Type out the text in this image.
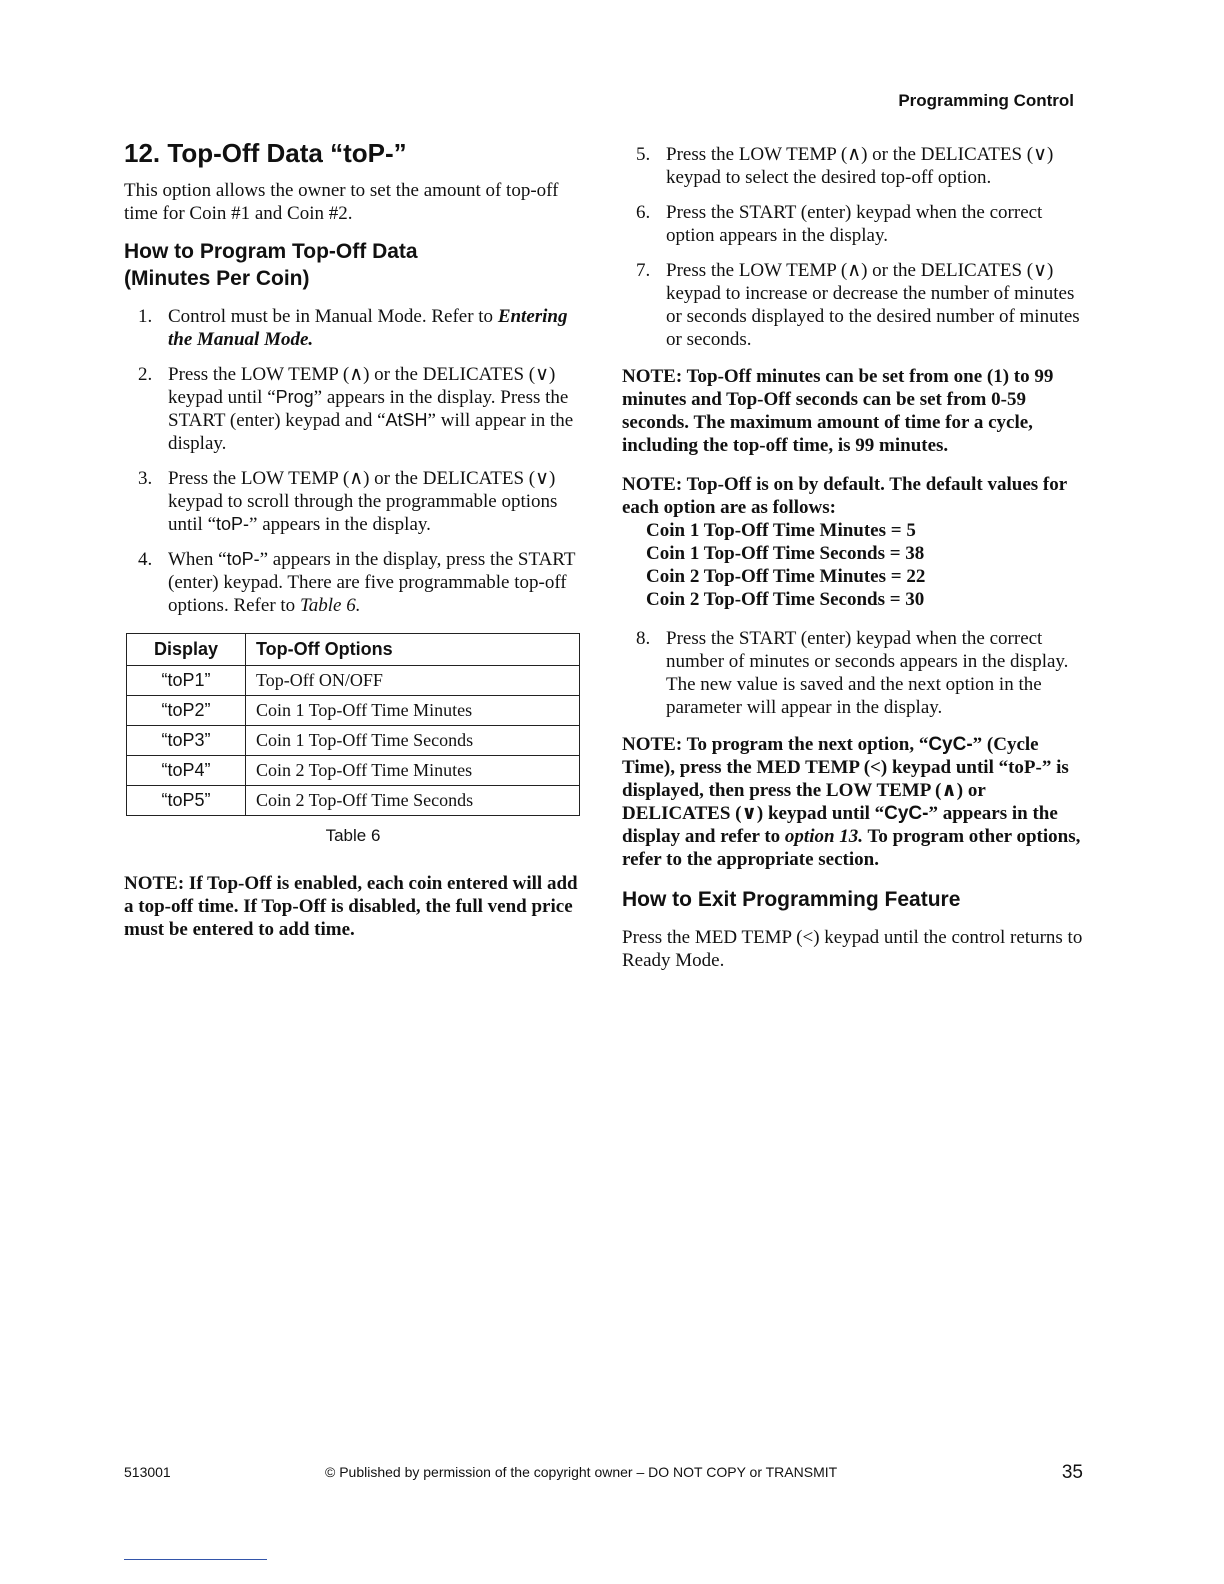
Programming Control
12. Top-Off Data “toP-”

This option allows the owner to set the amount of top-off time for Coin #1 and Coin #2.

How to Program Top-Off Data
(Minutes Per Coin)
1. Control must be in Manual Mode. Refer to Entering the Manual Mode.
2. Press the LOW TEMP (∧) or the DELICATES (∨) keypad until “Prog” appears in the display. Press the START (enter) keypad and “AtSH” will appear in the display.
3. Press the LOW TEMP (∧) or the DELICATES (∨) keypad to scroll through the programmable options until “toP-” appears in the display.
4. When “toP-” appears in the display, press the START (enter) keypad. There are five programmable top-off options. Refer to Table 6.
Display	Top-Off Options
“toP1”	Top-Off ON/OFF
“toP2”	Coin 1 Top-Off Time Minutes
“toP3”	Coin 1 Top-Off Time Seconds
“toP4”	Coin 2 Top-Off Time Minutes
“toP5”	Coin 2 Top-Off Time Seconds
Table 6
NOTE: If Top-Off is enabled, each coin entered will add a top-off time. If Top-Off is disabled, the full vend price must be entered to add time.
5. Press the LOW TEMP (∧) or the DELICATES (∨) keypad to select the desired top-off option.
6. Press the START (enter) keypad when the correct option appears in the display.
7. Press the LOW TEMP (∧) or the DELICATES (∨) keypad to increase or decrease the number of minutes or seconds displayed to the desired number of minutes or seconds.
NOTE: Top-Off minutes can be set from one (1) to 99 minutes and Top-Off seconds can be set from 0-59 seconds. The maximum amount of time for a cycle, including the top-off time, is 99 minutes.
NOTE: Top-Off is on by default. The default values for each option are as follows:
Coin 1 Top-Off Time Minutes = 5
Coin 1 Top-Off Time Seconds = 38
Coin 2 Top-Off Time Minutes = 22
Coin 2 Top-Off Time Seconds = 30
8. Press the START (enter) keypad when the correct number of minutes or seconds appears in the display. The new value is saved and the next option in the parameter will appear in the display.
NOTE: To program the next option, “CyC-” (Cycle Time), press the MED TEMP (<) keypad until “toP-” is displayed, then press the LOW TEMP (∧) or DELICATES (∨) keypad until “CyC-” appears in the display and refer to option 13. To program other options, refer to the appropriate section.
How to Exit Programming Feature

Press the MED TEMP (<) keypad until the control returns to Ready Mode.

513001	© Published by permission of the copyright owner – DO NOT COPY or TRANSMIT	35
